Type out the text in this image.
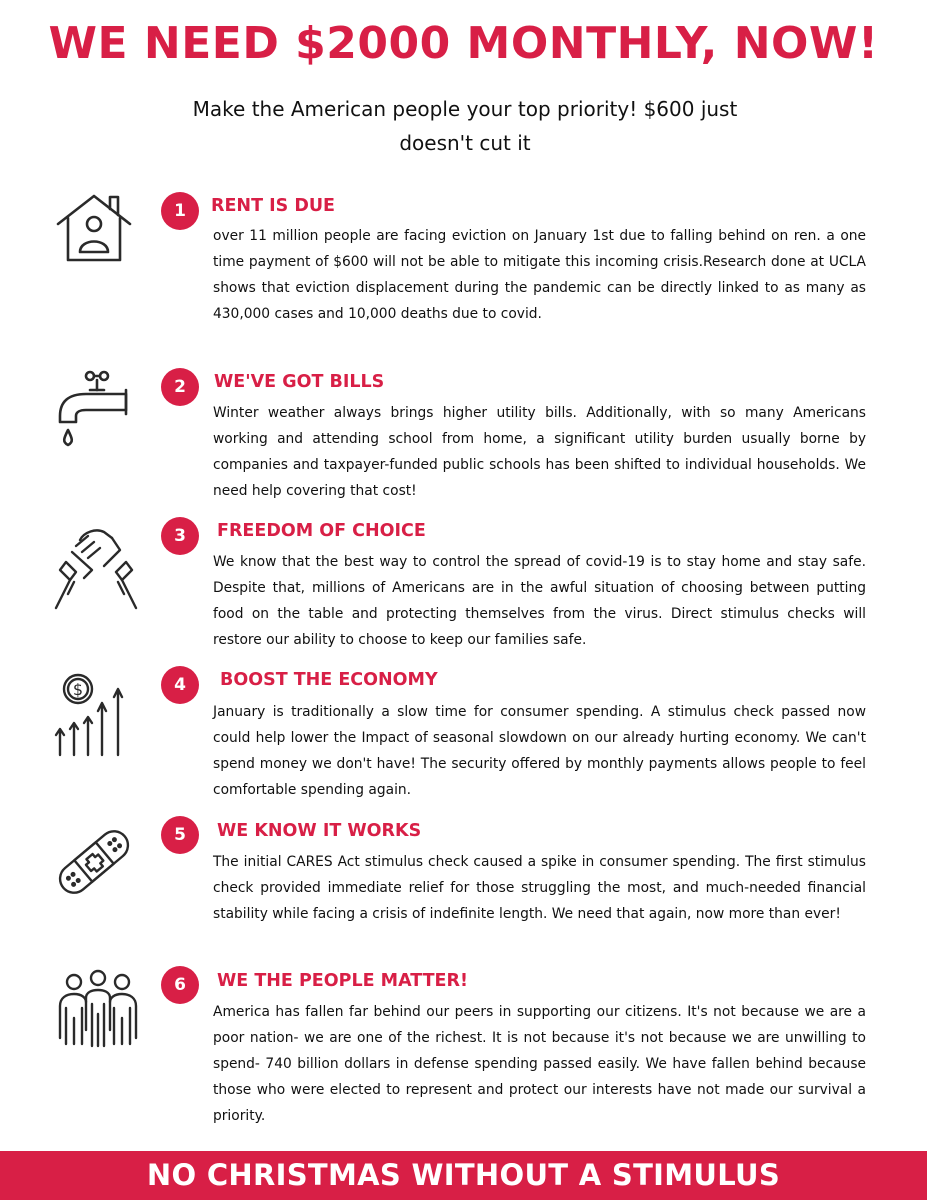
WE NEED $2000 MONTHLY, NOW!

Make the American people your top priority! $600 just doesn't cut it

1	RENT IS DUE

over 11 million people are facing eviction on January 1st due to falling behind on ren. a one time payment of $600 will not be able to mitigate this incoming crisis.Research done at UCLA shows that eviction displacement during the pandemic can be directly linked to as many as 430,000 cases and 10,000 deaths due to covid.

2	WE'VE GOT BILLS

Winter weather always brings higher utility bills. Additionally, with so many Americans working and attending school from home, a significant utility burden usually borne by companies and taxpayer-funded public schools has been shifted to individual households. We need help covering that cost!

3	FREEDOM OF CHOICE

We know that the best way to control the spread of covid-19 is to stay home and stay safe. Despite that, millions of Americans are in the awful situation of choosing between putting food on the table and protecting themselves from the virus. Direct stimulus checks will restore our ability to choose to keep our families safe.

$	4	BOOST THE ECONOMY

January is traditionally a slow time for consumer spending. A stimulus check passed now could help lower the Impact of seasonal slowdown on our already hurting economy. We can't spend money we don't have! The security offered by monthly payments allows people to feel comfortable spending again.

5	WE KNOW IT WORKS

The initial CARES Act stimulus check caused a spike in consumer spending. The first stimulus check provided immediate relief for those struggling the most, and much-needed financial stability while facing a crisis of indefinite length. We need that again, now more than ever!

6	WE THE PEOPLE MATTER!

America has fallen far behind our peers in supporting our citizens. It's not because we are a poor nation- we are one of the richest. It is not because it's not because we are unwilling to spend- 740 billion dollars in defense spending passed easily. We have fallen behind because those who were elected to represent and protect our interests have not made our survival a priority.

NO CHRISTMAS WITHOUT A STIMULUS
